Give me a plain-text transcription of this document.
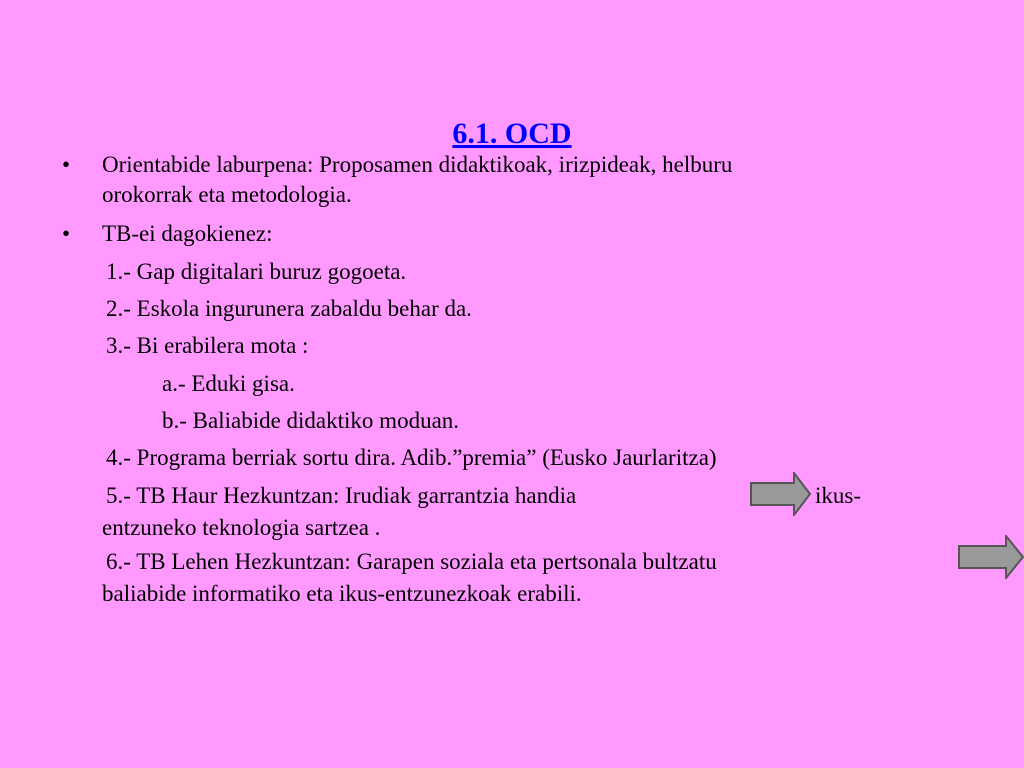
6.1. OCD
•	Orientabide laburpena: Proposamen didaktikoak, irizpideak, helburu
orokorrak eta metodologia.
•	TB-ei dagokienez:
1.- Gap digitalari buruz gogoeta.
2.- Eskola ingurunera zabaldu behar da.
3.- Bi erabilera mota :
a.- Eduki gisa.
b.- Baliabide didaktiko moduan.
4.- Programa berriak sortu dira. Adib.”premia” (Eusko Jaurlaritza)
5.- TB Haur Hezkuntzan: Irudiak garrantzia handia	ikus-
entzuneko teknologia sartzea .
6.- TB Lehen Hezkuntzan: Garapen soziala eta pertsonala bultzatu
baliabide informatiko eta ikus-entzunezkoak erabili.
